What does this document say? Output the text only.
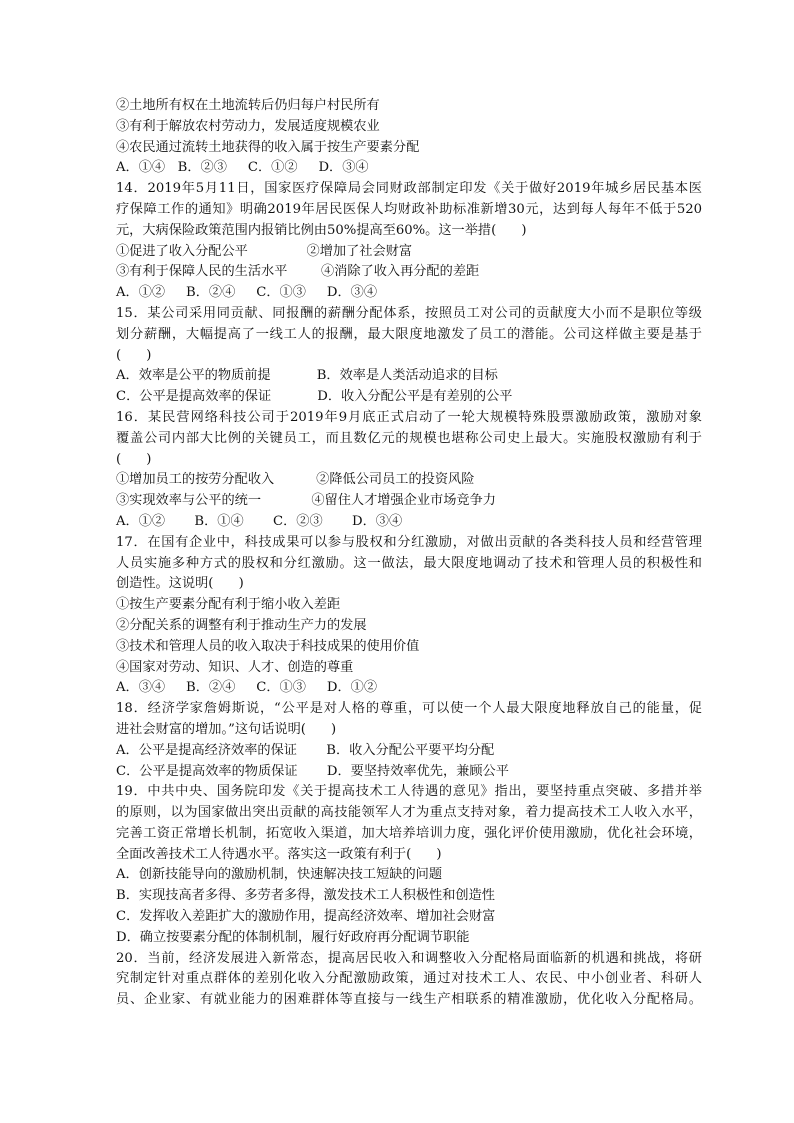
②土地所有权在土地流转后仍归每户村民所有
③有利于解放农村劳动力，发展适度规模农业
④农民通过流转土地获得的收入属于按生产要素分配
A．①④   B．②③     C．①②     D．③④
14．2019年5月11日，国家医疗保障局会同财政部制定印发《关于做好2019年城乡居民基本医
疗保障工作的通知》明确2019年居民医保人均财政补助标准新增30元，达到每人每年不低于520
元，大病保险政策范围内报销比例由50%提高至60%。这一举措(      )
①促进了收入分配公平              ②增加了社会财富
③有利于保障人民的生活水平        ④消除了收入再分配的差距
A．①②     B．②④     C．①③     D．③④
15．某公司采用同贡献、同报酬的薪酬分配体系，按照员工对公司的贡献度大小而不是职位等级
划分薪酬，大幅提高了一线工人的报酬，最大限度地激发了员工的潜能。公司这样做主要是基于
(      )
A．效率是公平的物质前提           B．效率是人类活动追求的目标
C．公平是提高效率的保证           D．收入分配公平是有差别的公平
16．某民营网络科技公司于2019年9月底正式启动了一轮大规模特殊股票激励政策，激励对象
覆盖公司内部大比例的关键员工，而且数亿元的规模也堪称公司史上最大。实施股权激励有利于
(      )
①增加员工的按劳分配收入          ②降低公司员工的投资风险
③实现效率与公平的统一            ④留住人才增强企业市场竞争力
A．①②       B．①④       C．②③       D．③④
17．在国有企业中，科技成果可以参与股权和分红激励，对做出贡献的各类科技人员和经营管理
人员实施多种方式的股权和分红激励。这一做法，最大限度地调动了技术和管理人员的积极性和
创造性。这说明(      )
①按生产要素分配有利于缩小收入差距
②分配关系的调整有利于推动生产力的发展
③技术和管理人员的收入取决于科技成果的使用价值
④国家对劳动、知识、人才、创造的尊重
A．③④     B．②④     C．①③     D．①②
18．经济学家詹姆斯说，“公平是对人格的尊重，可以使一个人最大限度地释放自己的能量，促
进社会财富的增加。”这句话说明(      )
A．公平是提高经济效率的保证       B．收入分配公平要平均分配
C．公平是提高效率的物质保证       D．要坚持效率优先，兼顾公平
19．中共中央、国务院印发《关于提高技术工人待遇的意见》指出，要坚持重点突破、多措并举
的原则，以为国家做出突出贡献的高技能领军人才为重点支持对象，着力提高技术工人收入水平，
完善工资正常增长机制，拓宽收入渠道，加大培养培训力度，强化评价使用激励，优化社会环境，
全面改善技术工人待遇水平。落实这一政策有利于(      )
A．创新技能导向的激励机制，快速解决技工短缺的问题
B．实现技高者多得、多劳者多得，激发技术工人积极性和创造性
C．发挥收入差距扩大的激励作用，提高经济效率、增加社会财富
D．确立按要素分配的体制机制，履行好政府再分配调节职能
20．当前，经济发展进入新常态，提高居民收入和调整收入分配格局面临新的机遇和挑战，将研
究制定针对重点群体的差别化收入分配激励政策，通过对技术工人、农民、中小创业者、科研人
员、企业家、有就业能力的困难群体等直接与一线生产相联系的精准激励，优化收入分配格局。
